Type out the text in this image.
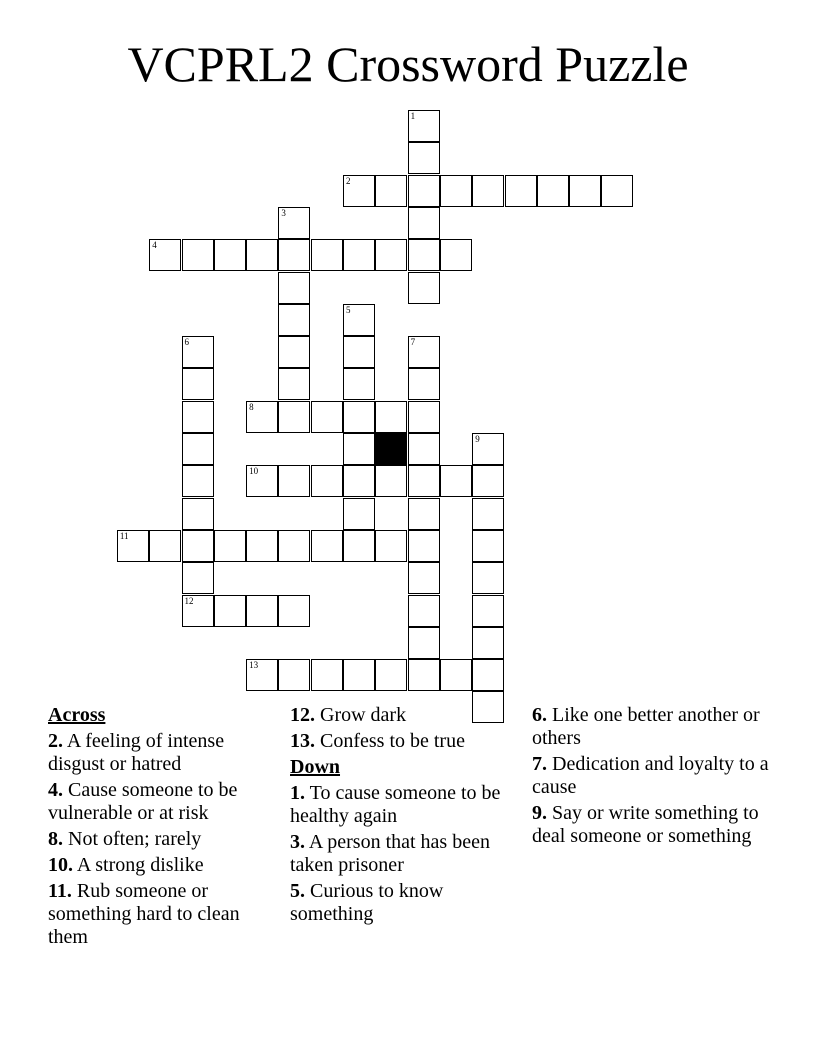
VCPRL2 Crossword Puzzle
1
2
3
4
5
6
12
7
8
10
9
11
13
Across
2. A feeling of intense disgust or hatred
4. Cause someone to be vulnerable or at risk
8. Not often; rarely
10. A strong dislike
11. Rub someone or something hard to clean them
12. Grow dark
13. Confess to be true
Down
1. To cause someone to be healthy again
3. A person that has been taken prisoner
5. Curious to know something
6. Like one better another or others
7. Dedication and loyalty to a cause
9. Say or write something to deal someone or something
